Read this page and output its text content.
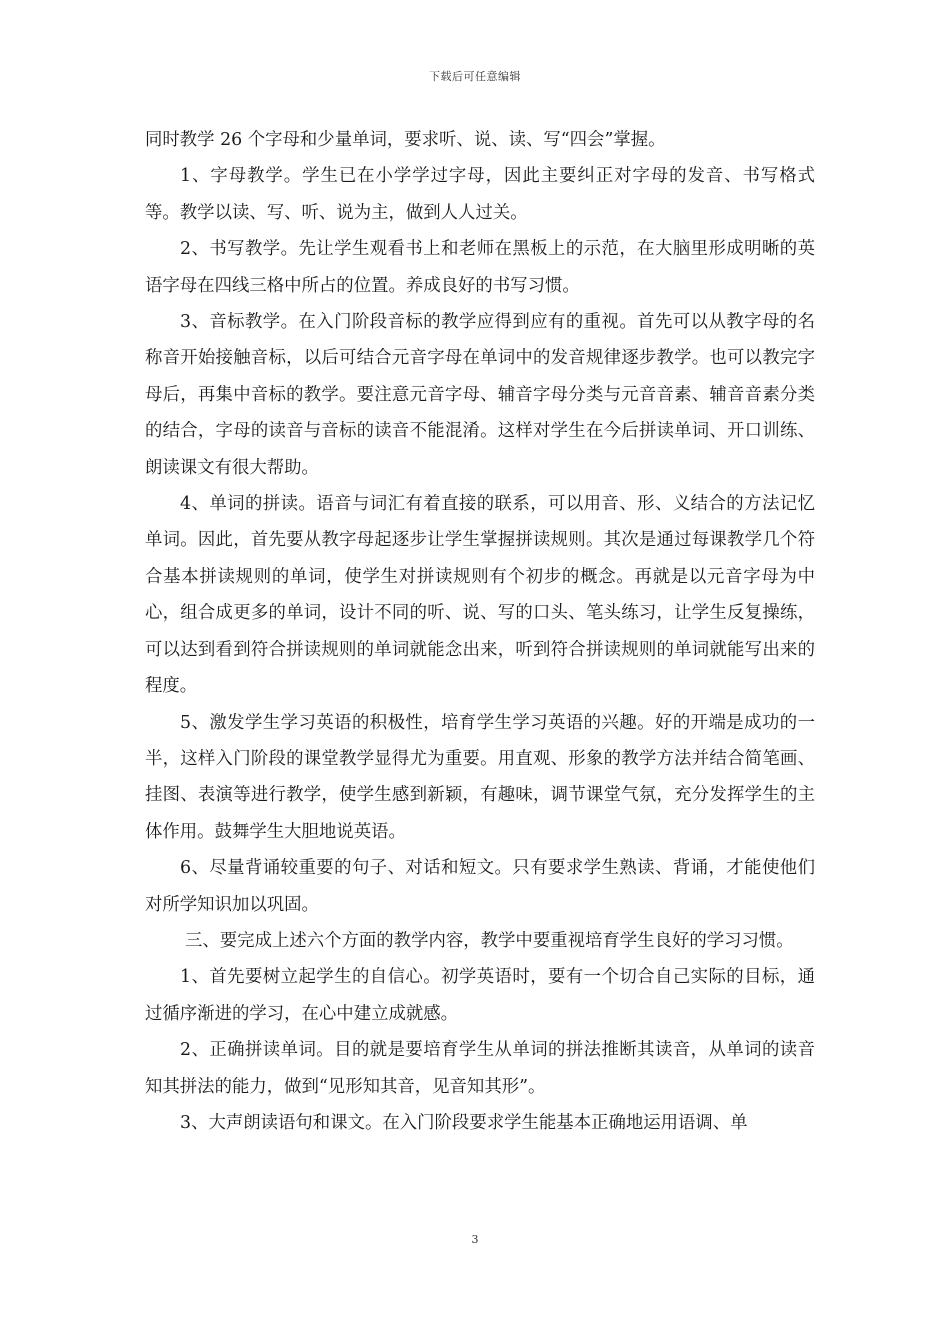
下载后可任意编辑

同时教学 26 个字母和少量单词，要求听、说、读、写“四会”掌握。

1、字母教学。学生已在小学学过字母，因此主要纠正对字母的发音、书写格式等。教学以读、写、听、说为主，做到人人过关。

2、书写教学。先让学生观看书上和老师在黑板上的示范，在大脑里形成明晰的英语字母在四线三格中所占的位置。养成良好的书写习惯。

3、音标教学。在入门阶段音标的教学应得到应有的重视。首先可以从教字母的名称音开始接触音标，以后可结合元音字母在单词中的发音规律逐步教学。也可以教完字母后，再集中音标的教学。要注意元音字母、辅音字母分类与元音音素、辅音音素分类的结合，字母的读音与音标的读音不能混淆。这样对学生在今后拼读单词、开口训练、朗读课文有很大帮助。

4、单词的拼读。语音与词汇有着直接的联系，可以用音、形、义结合的方法记忆单词。因此，首先要从教字母起逐步让学生掌握拼读规则。其次是通过每课教学几个符合基本拼读规则的单词，使学生对拼读规则有个初步的概念。再就是以元音字母为中心，组合成更多的单词，设计不同的听、说、写的口头、笔头练习，让学生反复操练，可以达到看到符合拼读规则的单词就能念出来，听到符合拼读规则的单词就能写出来的程度。

5、激发学生学习英语的积极性，培育学生学习英语的兴趣。好的开端是成功的一半，这样入门阶段的课堂教学显得尤为重要。用直观、形象的教学方法并结合简笔画、挂图、表演等进行教学，使学生感到新颖，有趣味，调节课堂气氛，充分发挥学生的主体作用。鼓舞学生大胆地说英语。

6、尽量背诵较重要的句子、对话和短文。只有要求学生熟读、背诵，才能使他们对所学知识加以巩固。

三、要完成上述六个方面的教学内容，教学中要重视培育学生良好的学习习惯。

1、首先要树立起学生的自信心。初学英语时，要有一个切合自己实际的目标，通过循序渐进的学习，在心中建立成就感。

2、正确拼读单词。目的就是要培育学生从单词的拼法推断其读音，从单词的读音知其拼法的能力，做到“见形知其音，见音知其形”。

3、大声朗读语句和课文。在入门阶段要求学生能基本正确地运用语调、单

3
